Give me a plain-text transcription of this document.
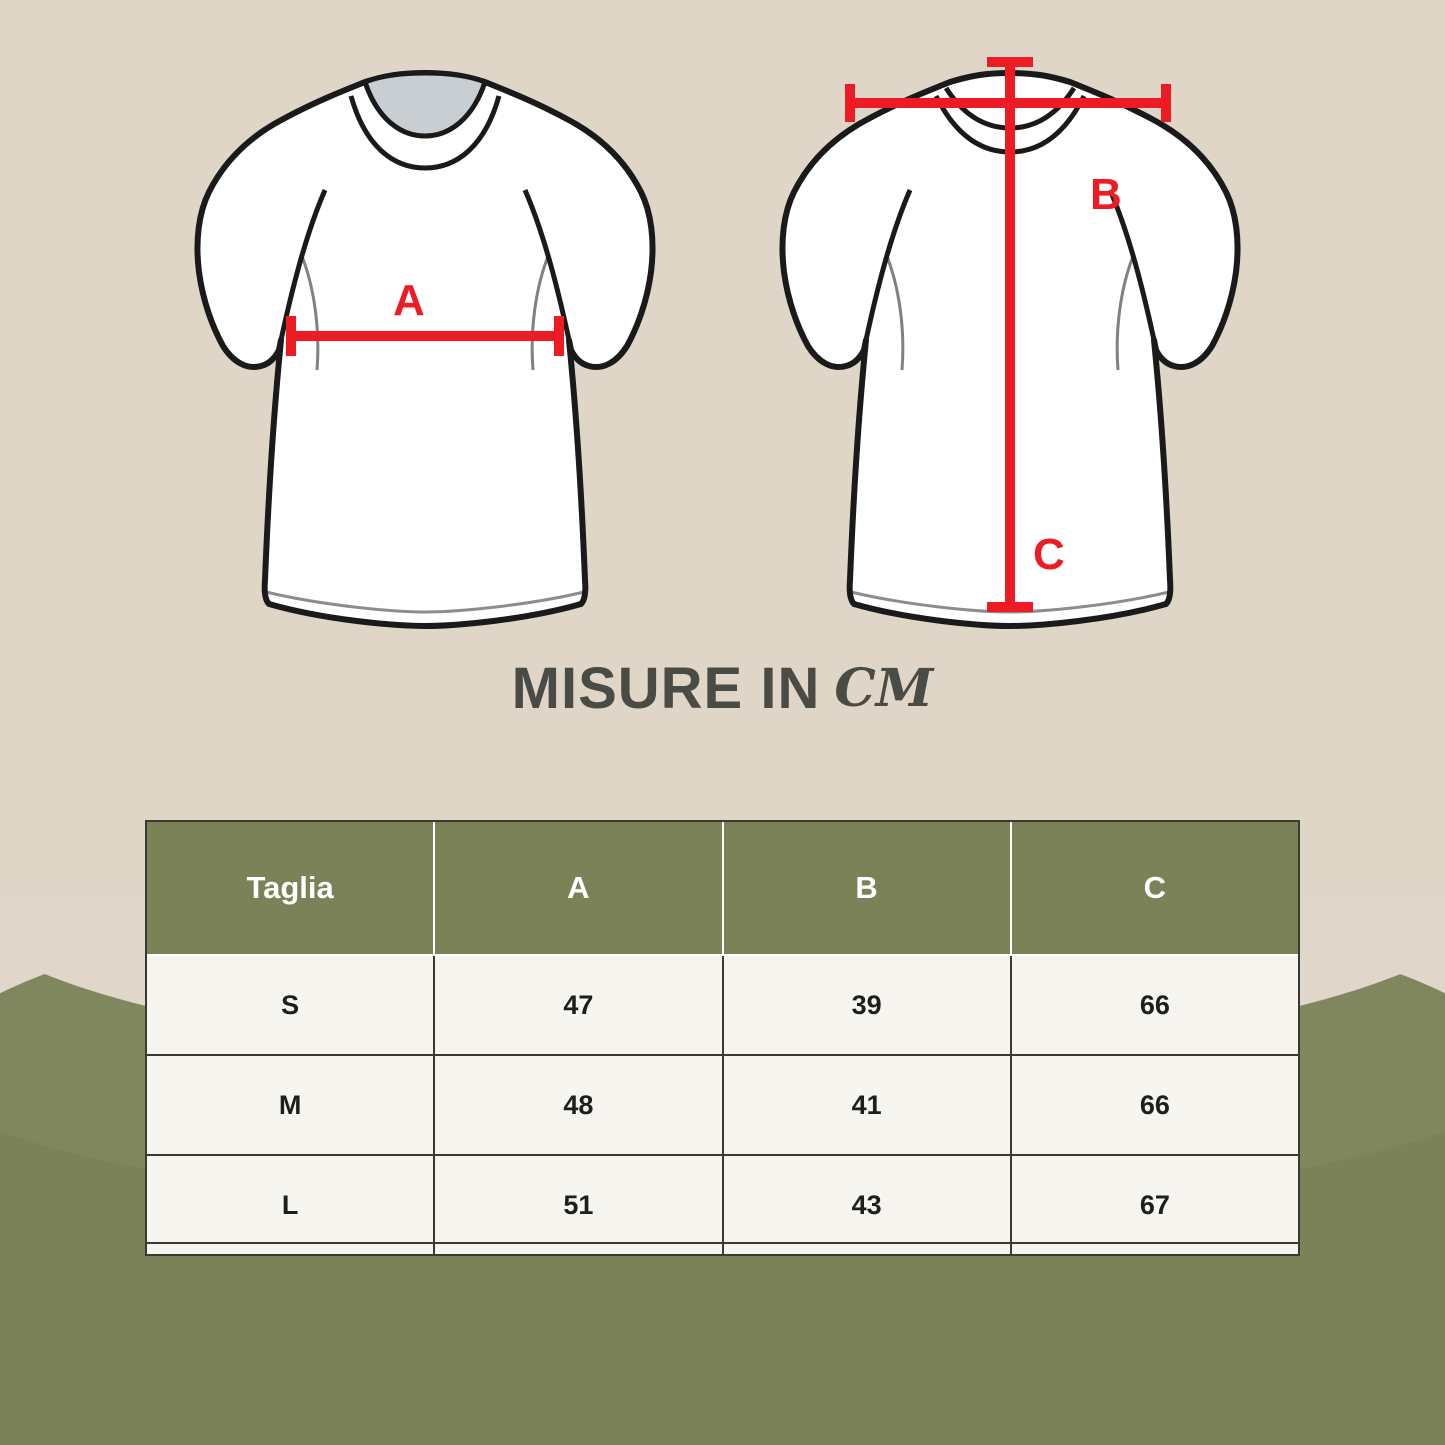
A
B
C
MISURE IN CM
Taglia	A	B	C
S	47	39	66
M	48	41	66
L	51	43	67
